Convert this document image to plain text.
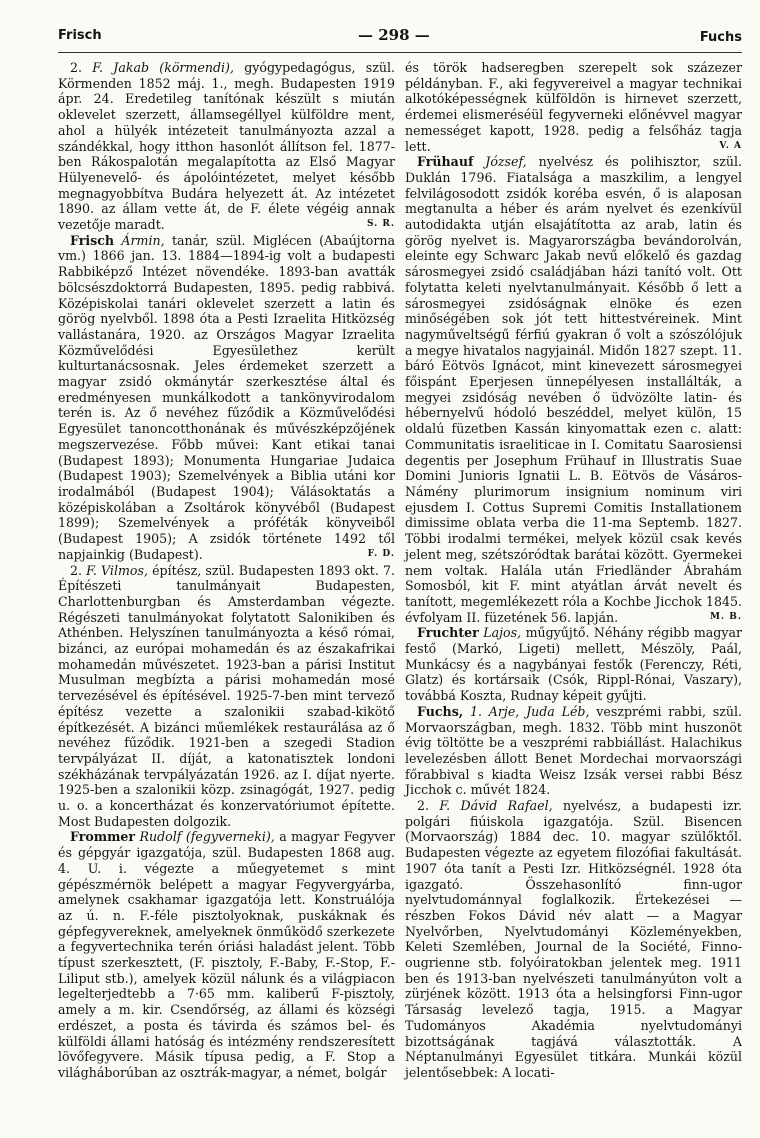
Frisch	— 298 —	Fuchs

2. F. Jakab (körmendi), gyógypedagógus, szül. Körmenden 1852 máj. 1., megh. Budapesten 1919 ápr. 24. Eredetileg tanítónak készült s miután oklevelet szerzett, államsegéllyel külföldre ment, ahol a hülyék intézeteit tanulmányozta azzal a szándékkal, hogy itthon hasonlót állítson fel. 1877-ben Rákospalotán megalapította az Első Magyar Hülyenevelő- és ápolóintézetet, melyet később megnagyobbítva Budára helyezett át. Az intézetet 1890. az állam vette át, de F. élete végéig annak vezetője maradt.	S. R.

Frisch Ármin, tanár, szül. Miglécen (Abaújtorna vm.) 1866 jan. 13. 1884—1894-ig volt a budapesti Rabbiképző Intézet növendéke. 1893-ban avatták bölcsészdoktorrá Budapesten, 1895. pedig rabbivá. Középiskolai tanári oklevelet szerzett a latin és görög nyelvből. 1898 óta a Pesti Izraelita Hitközség vallástanára, 1920. az Országos Magyar Izraelita Közművelődési Egyesülethez került kulturtanácsosnak. Jeles érdemeket szerzett a magyar zsidó okmánytár szerkesztése által és eredményesen munkálkodott a tankönyvirodalom terén is. Az ő nevéhez fűződik a Közművelődési Egyesület tanoncotthonának és művészképzőjének megszervezése. Főbb művei: Kant etikai tanai (Budapest 1893); Monumenta Hungariae Judaica (Budapest 1903); Szemelvények a Biblia utáni kor irodalmából (Budapest 1904); Válásoktatás a középiskolában a Zsoltárok könyvéből (Budapest 1899); Szemelvények a próféták könyveiből (Budapest 1905); A zsidók története 1492 től napjainkig (Budapest).	F. D.

2. F. Vilmos, építész, szül. Budapesten 1893 okt. 7. Építészeti tanulmányait Budapesten, Charlottenburgban és Amsterdamban végezte. Régészeti tanulmányokat folytatott Salonikiben és Athénben. Helyszínen tanulmányozta a késő római, bizánci, az európai mohamedán és az északafrikai mohamedán művészetet. 1923-ban a párisi Institut Musulman megbízta a párisi mohamedán mosé tervezésével és építésével. 1925-7-ben mint tervező építész vezette a szalonikii szabad-kikötő építkezését. A bizánci műemlékek restaurálása az ő nevéhez fűződik. 1921-ben a szegedi Stadion tervpályázat II. díját, a katonatisztek londoni székházának tervpályázatán 1926. az I. díjat nyerte. 1925-ben a szalonikii közp. zsinagógát, 1927. pedig u. o. a koncertházat és konzervatóriumot építette. Most Budapesten dolgozik.

Frommer Rudolf (fegyverneki), a magyar Fegyver és gépgyár igazgatója, szül. Budapesten 1868 aug. 4. U. i. végezte a műegyetemet s mint gépészmérnök belépett a magyar Fegyvergyárba, amelynek csakhamar igazgatója lett. Konstruálója az ú. n. F.-féle pisztolyoknak, puskáknak és gépfegyvereknek, amelyeknek önműködő szerkezete a fegyvertechnika terén óriási haladást jelent. Több típust szerkesztett, (F. pisztoly, F.-Baby, F.-Stop, F.-Liliput stb.), amelyek közül nálunk és a világpiacon legelterjedtebb a 7·65 mm. kaliberű F-pisztoly, amely a m. kir. Csendőrség, az állami és községi erdészet, a posta és távirda és számos bel- és külföldi állami hatóság és intézmény rendszeresített lövőfegyvere. Másik típusa pedig, a F. Stop a világháborúban az osztrák-magyar, a német, bolgár

és török hadseregben szerepelt sok százezer példányban. F., aki fegyvereivel a magyar technikai alkotóképességnek külföldön is hirnevet szerzett, érdemei elismeréséül fegyverneki előnévvel magyar nemességet kapott, 1928. pedig a felsőház tagja lett.	V. A

Frühauf József, nyelvész és polihisztor, szül. Duklán 1796. Fiatalsága a maszkilim, a lengyel felvilágosodott zsidók koréba esvén, ő is alaposan megtanulta a héber és arám nyelvet és ezenkívül autodidakta utján elsajátította az arab, latin és görög nyelvet is. Magyarországba bevándorolván, eleinte egy Schwarc Jakab nevű előkelő és gazdag sárosmegyei zsidó családjában házi tanító volt. Ott folytatta keleti nyelvtanulmányait. Később ő lett a sárosmegyei zsidóságnak elnöke és ezen minőségében sok jót tett hittestvéreinek. Mint nagyműveltségű férfiú gyakran ő volt a szószólójuk a megye hivatalos nagyjainál. Midőn 1827 szept. 11. báró Eötvös Ignácot, mint kinevezett sárosmegyei főispánt Eperjesen ünnepélyesen installálták, a megyei zsidóság nevében ő üdvözölte latin- és hébernyelvű hódoló beszéddel, melyet külön, 15 oldalú füzetben Kassán kinyomattak ezen c. alatt: Communitatis israeliticae in I. Comitatu Saarosiensi degentis per Josephum Frühauf in Illustratis Suae Domini Junioris Ignatii L. B. Eötvös de Vásáros-Námény plurimorum insignium nominum viri ejusdem I. Cottus Supremi Comitis Installationem dimissime oblata verba die 11-ma Septemb. 1827. Többi irodalmi termékei, melyek közül csak kevés jelent meg, szétszóródtak barátai között. Gyermekei nem voltak. Halála után Friedländer Ábrahám Somosból, kit F. mint atyátlan árvát nevelt és tanított, megemlékezett róla a Kochbe Jicchok 1845. évfolyam II. füzetének 56. lapján.	M. B.

Fruchter Lajos, műgyűjtő. Néhány régibb magyar festő (Markó, Ligeti) mellett, Mészöly, Paál, Munkácsy és a nagybányai festők (Ferenczy, Réti, Glatz) és kortársaik (Csók, Rippl-Rónai, Vaszary), továbbá Koszta, Rudnay képeit gyűjti.

Fuchs, 1. Arje, Juda Léb, veszprémi rabbi, szül. Morvaországban, megh. 1832. Több mint huszonöt évig töltötte be a veszprémi rabbiállást. Halachikus levelezésben állott Benet Mordechai morvaországi főrabbival s kiadta Weisz Izsák versei rabbi Bész Jicchok c. művét 1824.

2. F. Dávid Rafael, nyelvész, a budapesti izr. polgári fiúiskola igazgatója. Szül. Bisencen (Morvaország) 1884 dec. 10. magyar szülőktől. Budapesten végezte az egyetem filozófiai fakultását. 1907 óta tanít a Pesti Izr. Hitközségnél. 1928 óta igazgató. Összehasonlító finn-ugor nyelvtudománnyal foglalkozik. Értekezései — részben Fokos Dávid név alatt — a Magyar Nyelvőrben, Nyelvtudományi Közleményekben, Keleti Szemlében, Journal de la Société, Finno-ougrienne stb. folyóiratokban jelentek meg. 1911 ben és 1913-ban nyelvészeti tanulmányúton volt a zürjének között. 1913 óta a helsingforsi Finn-ugor Társaság levelező tagja, 1915. a Magyar Tudományos Akadémia nyelvtudományi bizottságának tagjává választották. A Néptanulmányi Egyesület titkára. Munkái közül jelentősebbek: A locati-
